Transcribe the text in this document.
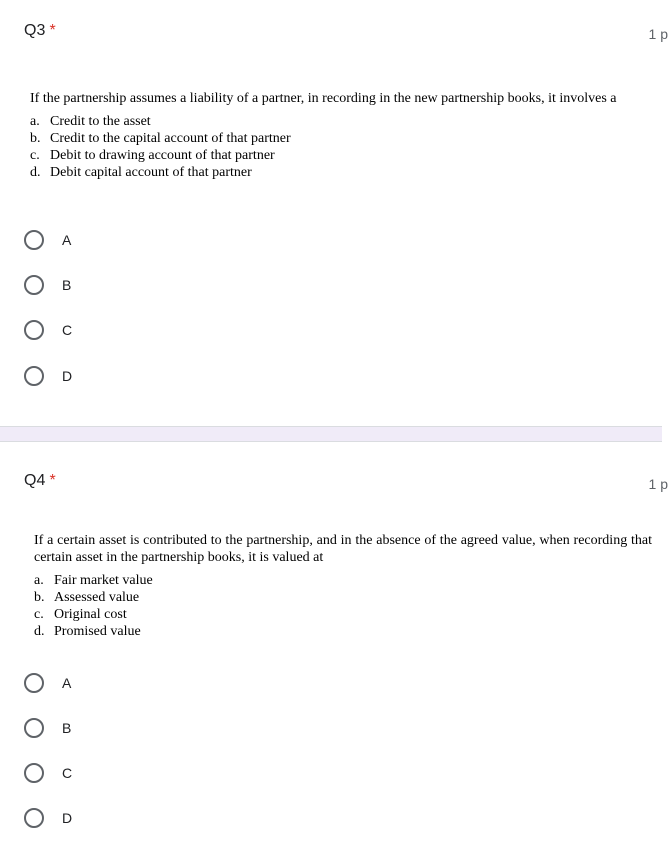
Q3 *	1 p

If the partnership assumes a liability of a partner, in recording in the new partnership books, it involves a

a. Credit to the asset
b. Credit to the capital account of that partner
c. Debit to drawing account of that partner
d. Debit capital account of that partner
A
B
C
D
Q4 *	1 p

If a certain asset is contributed to the partnership, and in the absence of the agreed value, when recording that certain asset in the partnership books, it is valued at

a. Fair market value
b. Assessed value
c. Original cost
d. Promised value
A
B
C
D
